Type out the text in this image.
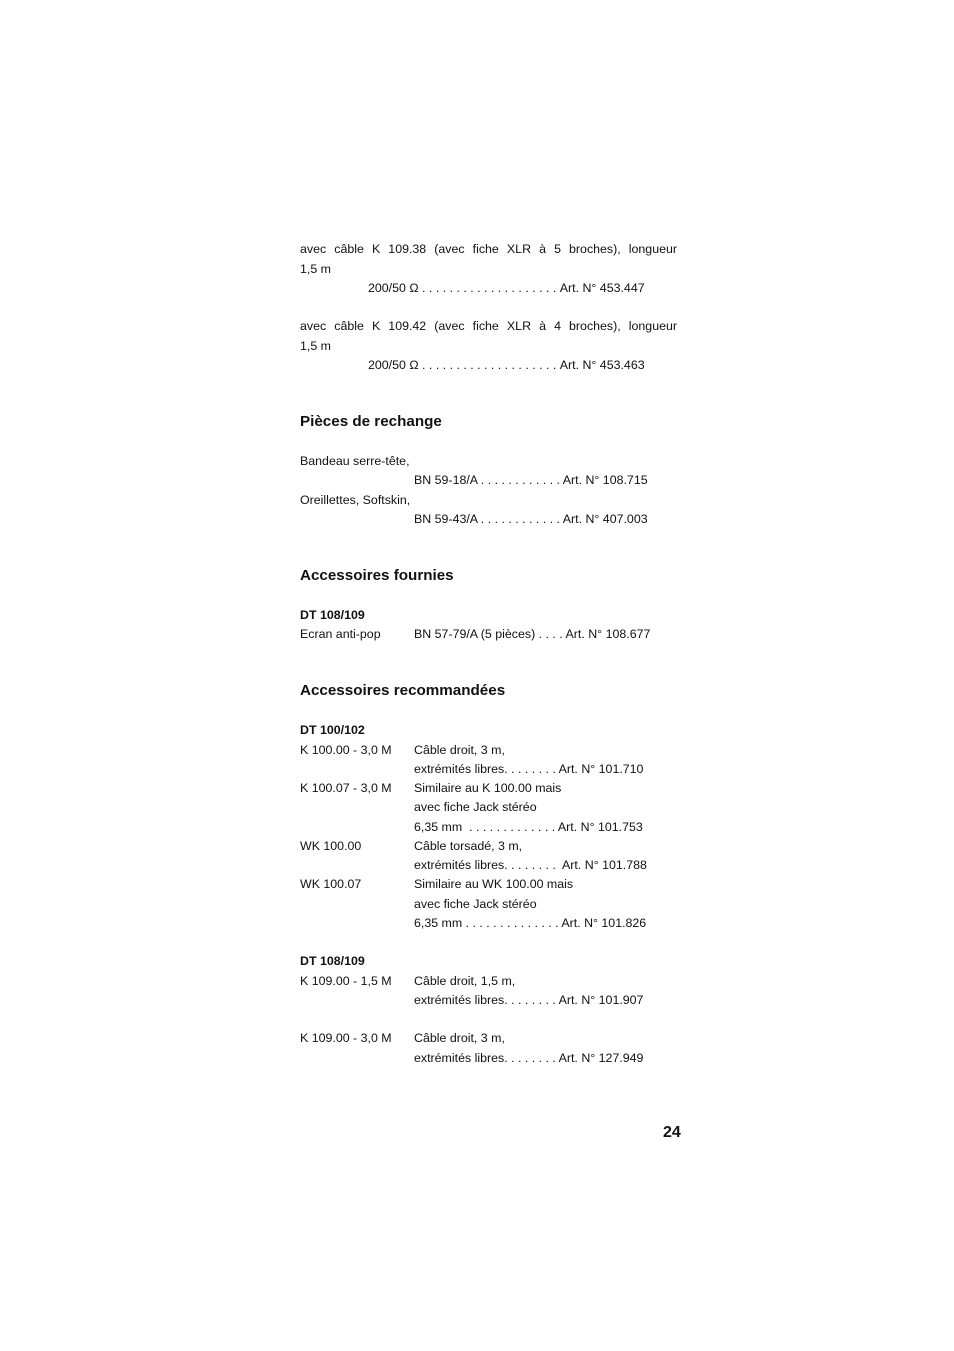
avec câble K 109.38 (avec fiche XLR à 5 broches), longueur
1,5 m
200/50 Ω . . . . . . . . . . . . . . . . . . . . Art. N° 453.447
avec câble K 109.42 (avec fiche XLR à 4 broches), longueur
1,5 m
200/50 Ω . . . . . . . . . . . . . . . . . . . . Art. N° 453.463
Pièces de rechange
Bandeau serre-tête,
BN 59-18/A . . . . . . . . . . . . Art. N° 108.715
Oreillettes, Softskin,
BN 59-43/A . . . . . . . . . . . . Art. N° 407.003
Accessoires fournies
DT 108/109
Ecran anti-pop	BN 57-79/A (5 pièces) . . . . Art. N° 108.677
Accessoires recommandées
DT 100/102
K 100.00 - 3,0 M Câble droit, 3 m,
extrémités libres. . . . . . . . Art. N° 101.710
K 100.07 - 3,0 M Similaire au K 100.00 mais
avec fiche Jack stéréo
6,35 mm  . . . . . . . . . . . . . Art. N° 101.753
WK 100.00	Câble torsadé, 3 m,
extrémités libres. . . . . . . .  Art. N° 101.788
WK 100.07	Similaire au WK 100.00 mais
avec fiche Jack stéréo
6,35 mm . . . . . . . . . . . . . . Art. N° 101.826
DT 108/109
K 109.00 - 1,5 M Câble droit, 1,5 m,
extrémités libres. . . . . . . . Art. N° 101.907
K 109.00 - 3,0 M Câble droit, 3 m,
extrémités libres. . . . . . . . Art. N° 127.949
24
